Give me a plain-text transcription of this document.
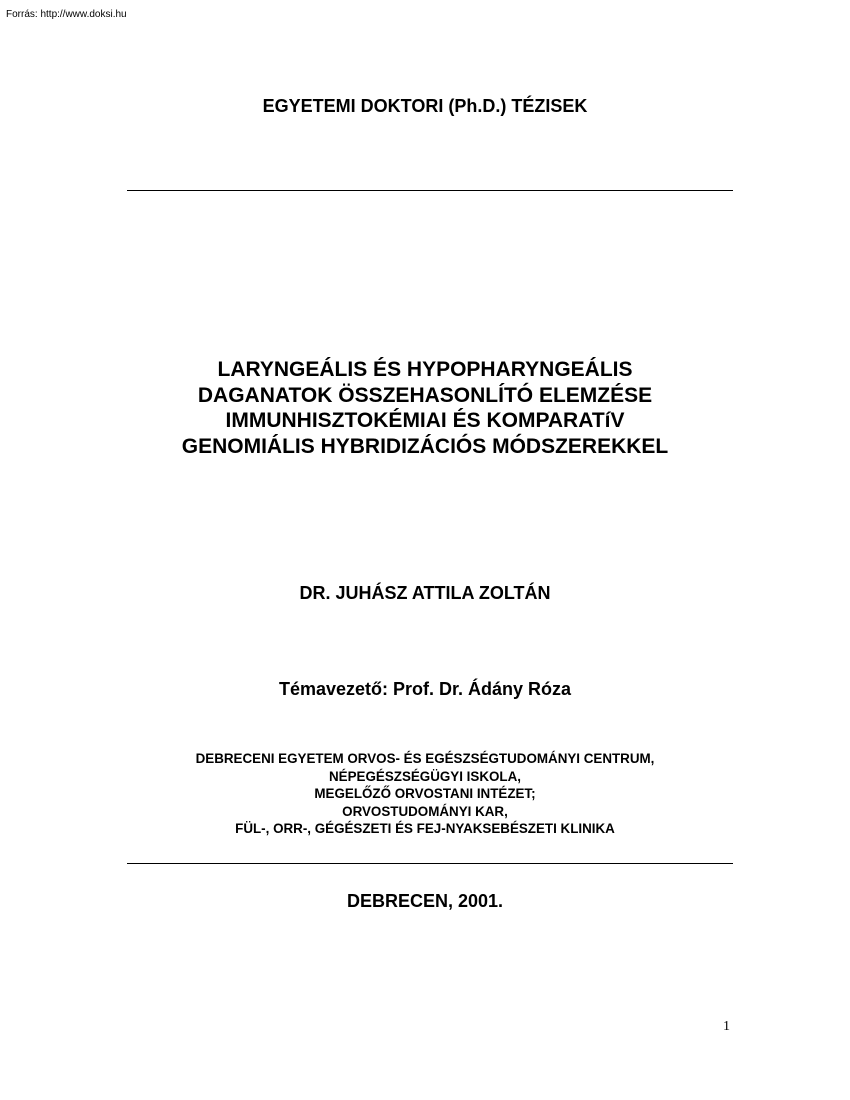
Forrás: http://www.doksi.hu
EGYETEMI DOKTORI (Ph.D.) TÉZISEK
LARYNGEÁLIS ÉS HYPOPHARYNGEÁLIS
DAGANATOK ÖSSZEHASONLÍTÓ ELEMZÉSE
IMMUNHISZTOKÉMIAI ÉS KOMPARATíV
GENOMIÁLIS HYBRIDIZÁCIÓS MÓDSZEREKKEL
DR. JUHÁSZ ATTILA ZOLTÁN
Témavezető: Prof. Dr. Ádány Róza
DEBRECENI EGYETEM ORVOS- ÉS EGÉSZSÉGTUDOMÁNYI CENTRUM,
NÉPEGÉSZSÉGÜGYI ISKOLA,
MEGELŐZŐ ORVOSTANI INTÉZET;
ORVOSTUDOMÁNYI KAR,
FÜL-, ORR-, GÉGÉSZETI ÉS FEJ-NYAKSEBÉSZETI KLINIKA
DEBRECEN, 2001.
1
